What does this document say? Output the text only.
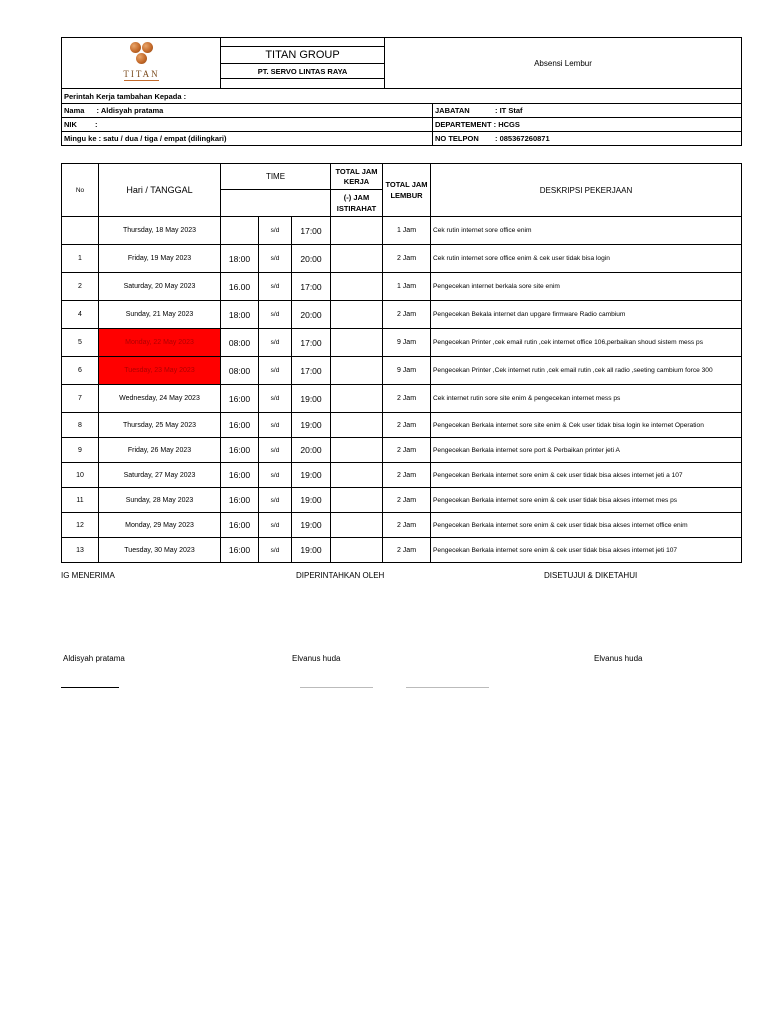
TITAN		Absensi Lembur	
	TITAN GROUP		
	PT. SERVO LINTAS RAYA		

Perintah Kerja tambahan Kepada :			
Nama : Aldisyah pratama			JABATAN : IT Staf
NIK :			DEPARTEMENT : HCGS
Mingu ke : satu / dua / tiga / empat (dilingkari)			NO TELPON : 085367260871
No	Hari / TANGGAL	TIME			TOTAL JAM KERJA	TOTAL JAM LEMBUR	DESKRIPSI PEKERJAAN
					(-) JAM ISTIRAHAT		
	Thursday, 18 May 2023		s/d	17:00		1 Jam	Cek rutin internet sore office enim
1	Friday, 19 May 2023	18:00	s/d	20:00		2 Jam	Cek rutin internet sore office enim & cek user tidak bisa login
2	Saturday, 20 May 2023	16.00	s/d	17:00		1 Jam	Pengecekan internet berkala sore site enim
4	Sunday, 21 May 2023	18:00	s/d	20:00		2 Jam	Pengecekan Bekala internet dan upgare firmware Radio cambium
5	Monday, 22 May 2023	08:00	s/d	17:00		9 Jam	Pengecekan Printer ,cek email rutin ,cek internet office 106,perbaikan shoud sistem mess ps
6	Tuesday, 23 May 2023	08:00	s/d	17:00		9 Jam	Pengecekan Printer ,Cek internet rutin ,cek email rutin ,cek all radio ,seeting cambium force 300
7	Wednesday, 24 May 2023	16:00	s/d	19:00		2 Jam	Cek internet rutin sore site enim & pengecekan internet mess ps
8	Thursday, 25 May 2023	16:00	s/d	19:00		2 Jam	Pengecekan Berkala internet sore site enim & Cek user tidak bisa login ke internet Operation
9	Friday, 26 May 2023	16:00	s/d	20:00		2 Jam	Pengecekan Berkala internet sore port & Perbaikan printer jeti A
10	Saturday, 27 May 2023	16:00	s/d	19:00		2 Jam	Pengecekan Berkala internet sore enim & cek user tidak bisa akses internet jeti a 107
11	Sunday, 28 May 2023	16:00	s/d	19:00		2 Jam	Pengecekan Berkala internet sore enim & cek user tidak bisa akses internet mes ps
12	Monday, 29 May 2023	16:00	s/d	19:00		2 Jam	Pengecekan Berkala internet sore enim & cek user tidak bisa akses internet office enim
13	Tuesday, 30 May 2023	16:00	s/d	19:00		2 Jam	Pengecekan Berkala internet sore enim & cek user tidak bisa akses internet jeti 107
IG MENERIMA	DIPERINTAHKAN OLEH	DISETUJUI & DIKETAHUI
Aldisyah pratama	Elvanus huda	Elvanus huda
